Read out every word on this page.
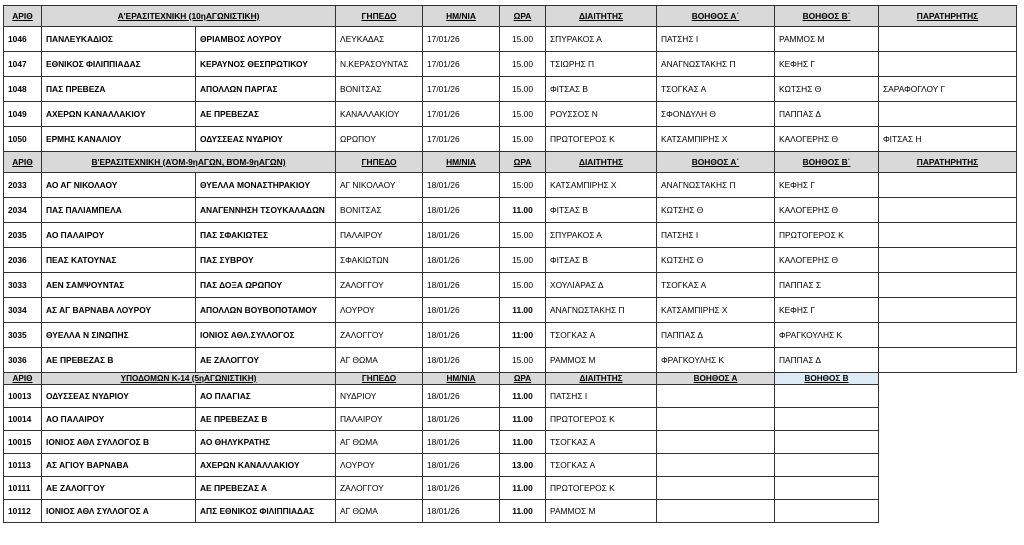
ΑΡΙΘ	Α'ΕΡΑΣΙΤΕΧΝΙΚΗ (10ηΑΓΩΝΙΣΤΙΚΗ)		ΓΗΠΕΔΟ	ΗΜ/ΝΙΑ	ΩΡΑ	ΔΙΑΙΤΗΤΗΣ	ΒΟΗΘΟΣ Α΄	ΒΟΗΘΟΣ Β΄	ΠΑΡΑΤΗΡΗΤΗΣ
1046	ΠΑΝΛΕΥΚΑΔΙΟΣ	ΘΡΙΑΜΒΟΣ ΛΟΥΡΟΥ	ΛΕΥΚΑΔΑΣ	17/01/26	15.00	ΣΠΥΡΑΚΟΣ Α	ΠΑΤΣΗΣ Ι	ΡΑΜΜΟΣ Μ	
1047	ΕΘΝΙΚΟΣ ΦΙΛΙΠΠΙΑΔΑΣ	ΚΕΡΑΥΝΟΣ ΘΕΣΠΡΩΤΙΚΟΥ	Ν.ΚΕΡΑΣΟΥΝΤΑΣ	17/01/26	15.00	ΤΣΙΩΡΗΣ Π	ΑΝΑΓΝΩΣΤΑΚΗΣ Π	ΚΕΦΗΣ Γ	
1048	ΠΑΣ ΠΡΕΒΕΖΑ	ΑΠΟΛΛΩΝ ΠΑΡΓΑΣ	ΒΟΝΙΤΣΑΣ	17/01/26	15.00	ΦΙΤΣΑΣ Β	ΤΣΟΓΚΑΣ Α	ΚΩΤΣΗΣ Θ	ΣΑΡΑΦΟΓΛΟΥ Γ
1049	ΑΧΕΡΩΝ ΚΑΝΑΛΛΑΚΙΟΥ	ΑΕ ΠΡΕΒΕΖΑΣ	ΚΑΝΑΛΛΑΚΙΟΥ	17/01/26	15.00	ΡΟΥΣΣΟΣ Ν	ΣΦΟΝΔΥΛΗ Θ	ΠΑΠΠΑΣ Δ	
1050	ΕΡΜΗΣ ΚΑΝΑΛΙΟΥ	ΟΔΥΣΣΕΑΣ ΝΥΔΡΙΟΥ	ΩΡΩΠΟΥ	17/01/26	15.00	ΠΡΩΤΟΓΕΡΟΣ Κ	ΚΑΤΣΑΜΠΙΡΗΣ Χ	ΚΑΛΟΓΕΡΗΣ Θ	ΦΙΤΣΑΣ Η
ΑΡΙΘ	Β'ΕΡΑΣΙΤΕΧΝΙΚΗ (ΑΌΜ-9ηΑΓΩΝ, ΒΌΜ-9ηΑΓΩΝ)		ΓΗΠΕΔΟ	ΗΜ/ΝΙΑ	ΩΡΑ	ΔΙΑΙΤΗΤΗΣ	ΒΟΗΘΟΣ Α΄	ΒΟΗΘΟΣ Β΄	ΠΑΡΑΤΗΡΗΤΗΣ
2033	ΑΟ ΑΓ ΝΙΚΟΛΑΟΥ	ΘΥΕΛΛΑ ΜΟΝΑΣΤΗΡΑΚΙΟΥ	ΑΓ ΝΙΚΟΛΑΟΥ	18/01/26	15:00	ΚΑΤΣΑΜΠΙΡΗΣ Χ	ΑΝΑΓΝΩΣΤΑΚΗΣ Π	ΚΕΦΗΣ Γ	
2034	ΠΑΣ ΠΑΛΙΑΜΠΕΛΑ	ΑΝΑΓΕΝΝΗΣΗ ΤΣΟΥΚΑΛΑΔΩΝ	ΒΟΝΙΤΣΑΣ	18/01/26	11.00	ΦΙΤΣΑΣ Β	ΚΩΤΣΗΣ Θ	ΚΑΛΟΓΕΡΗΣ Θ	
2035	ΑΟ ΠΑΛΑΙΡΟΥ	ΠΑΣ ΣΦΑΚΙΩΤΕΣ	ΠΑΛΑΙΡΟΥ	18/01/26	15.00	ΣΠΥΡΑΚΟΣ Α	ΠΑΤΣΗΣ Ι	ΠΡΩΤΟΓΕΡΟΣ Κ	
2036	ΠΕΑΣ ΚΑΤΟΥΝΑΣ	ΠΑΣ ΣΥΒΡΟΥ	ΣΦΑΚΙΩΤΩΝ	18/01/26	15.00	ΦΙΤΣΑΣ Β	ΚΩΤΣΗΣ Θ	ΚΑΛΟΓΕΡΗΣ Θ	
3033	ΑΕΝ ΣΑΜΨΟΥΝΤΑΣ	ΠΑΣ ΔΟΞΑ ΩΡΩΠΟΥ	ΖΑΛΟΓΓΟΥ	18/01/26	15.00	ΧΟΥΛΙΑΡΑΣ Δ	ΤΣΟΓΚΑΣ Α	ΠΑΠΠΑΣ Σ	
3034	ΑΣ ΑΓ ΒΑΡΝΑΒΑ ΛΟΥΡΟΥ	ΑΠΟΛΛΩΝ ΒΟΥΒΟΠΟΤΑΜΟΥ	ΛΟΥΡΟΥ	18/01/26	11.00	ΑΝΑΓΝΩΣΤΑΚΗΣ Π	ΚΑΤΣΑΜΠΙΡΗΣ Χ	ΚΕΦΗΣ Γ	
3035	ΘΥΕΛΛΑ Ν ΣΙΝΩΠΗΣ	ΙΟΝΙΟΣ ΑΘΛ.ΣΥΛΛΟΓΟΣ	ΖΑΛΟΓΓΟΥ	18/01/26	11:00	ΤΣΟΓΚΑΣ Α	ΠΑΠΠΑΣ Δ	ΦΡΑΓΚΟΥΛΗΣ Κ	
3036	ΑΕ ΠΡΕΒΕΖΑΣ Β	ΑΕ ΖΑΛΟΓΓΟΥ	ΑΓ ΘΩΜΑ	18/01/26	15.00	ΡΑΜΜΟΣ Μ	ΦΡΑΓΚΟΥΛΗΣ Κ	ΠΑΠΠΑΣ Δ	
ΑΡΙΘ	ΥΠΟΔΟΜΩΝ Κ-14 (5ηΑΓΩΝΙΣΤΙΚΗ)		ΓΗΠΕΔΟ	ΗΜ/ΝΙΑ	ΩΡΑ	ΔΙΑΙΤΗΤΗΣ	ΒΟΗΘΟΣ Α	ΒΟΗΘΟΣ Β	
10013	ΟΔΥΣΣΕΑΣ ΝΥΔΡΙΟΥ	ΑΟ ΠΛΑΓΙΑΣ	ΝΥΔΡΙΟΥ	18/01/26	11.00	ΠΑΤΣΗΣ Ι			
10014	ΑΟ ΠΑΛΑΙΡΟΥ	ΑΕ ΠΡΕΒΕΖΑΣ Β	ΠΑΛΑΙΡΟΥ	18/01/26	11.00	ΠΡΩΤΟΓΕΡΟΣ Κ			
10015	ΙΟΝΙΟΣ ΑΘΛ ΣΥΛΛΟΓΟΣ Β	ΑΟ ΘΗΛΥΚΡΑΤΗΣ	ΑΓ ΘΩΜΑ	18/01/26	11.00	ΤΣΟΓΚΑΣ Α			
10113	ΑΣ ΑΓΙΟΥ ΒΑΡΝΑΒΑ	ΑΧΕΡΩΝ ΚΑΝΑΛΛΑΚΙΟΥ	ΛΟΥΡΟΥ	18/01/26	13.00	ΤΣΟΓΚΑΣ Α			
10111	ΑΕ ΖΑΛΟΓΓΟΥ	ΑΕ ΠΡΕΒΕΖΑΣ Α	ΖΑΛΟΓΓΟΥ	18/01/26	11.00	ΠΡΩΤΟΓΕΡΟΣ Κ			
10112	ΙΟΝΙΟΣ ΑΘΛ ΣΥΛΛΟΓΟΣ Α	ΑΠΣ ΕΘΝΙΚΟΣ ΦΙΛΙΠΠΙΑΔΑΣ	ΑΓ ΘΩΜΑ	18/01/26	11.00	ΡΑΜΜΟΣ Μ			
